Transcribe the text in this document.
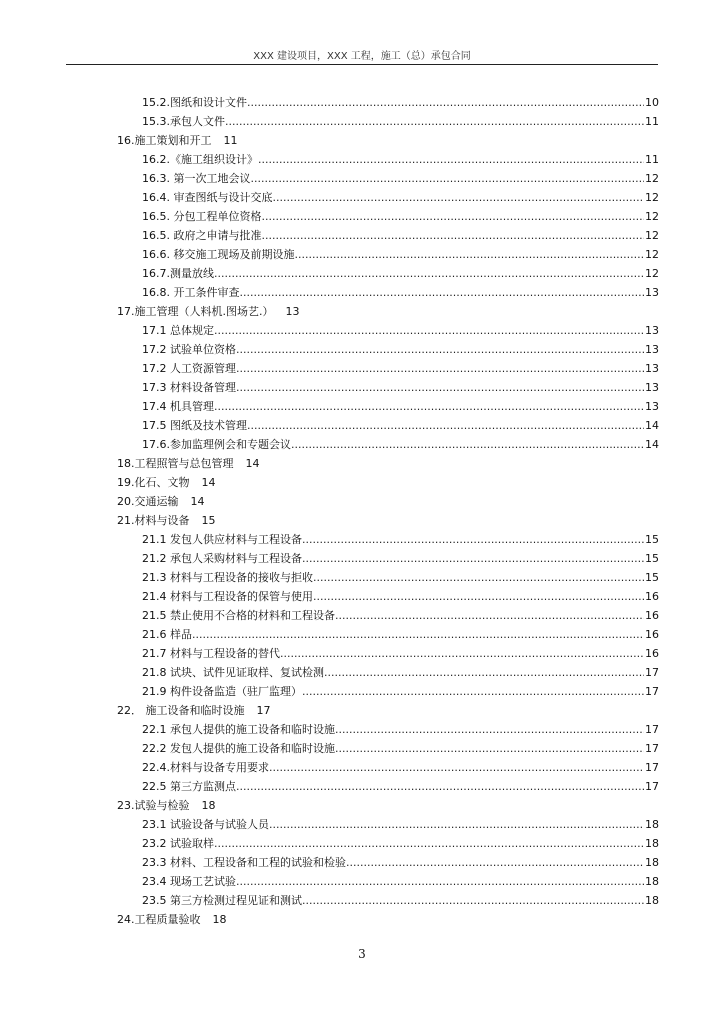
XXX 建设项目，XXX 工程，施工（总）承包合同
15.2.图纸和设计文件 .....	10
15.3.承包人文件 .....	11
16.施工策划和开工	11
16.2.《施工组织设计》 .....	11
16.3. 第一次工地会议 .....	12
16.4. 审查图纸与设计交底 .....	12
16.5. 分包工程单位资格 .....	12
16.5. 政府之申请与批准 .....	12
16.6. 移交施工现场及前期设施 .....	12
16.7.测量放线 .....	12
16.8. 开工条件审查 .....	13
17.施工管理（人料机.图场艺.）	13
17.1 总体规定 .....	13
17.2 试验单位资格 .....	13
17.2 人工资源管理 .....	13
17.3 材料设备管理 .....	13
17.4 机具管理 .....	13
17.5 图纸及技术管理 .....	14
17.6.参加监理例会和专题会议 .....	14
18.工程照管与总包管理	14
19.化石、文物	14
20.交通运输	14
21.材料与设备	15
21.1 发包人供应材料与工程设备 .....	15
21.2 承包人采购材料与工程设备 .....	15
21.3 材料与工程设备的接收与拒收 .....	15
21.4 材料与工程设备的保管与使用 .....	16
21.5 禁止使用不合格的材料和工程设备 .....	16
21.6 样品 .....	16
21.7 材料与工程设备的替代 .....	16
21.8 试块、试件见证取样、复试检测 .....	17
21.9 构件设备监造（驻厂监理） .....	17
22． 施工设备和临时设施	17
22.1 承包人提供的施工设备和临时设施 .....	17
22.2 发包人提供的施工设备和临时设施 .....	17
22.4.材料与设备专用要求 .....	17
22.5 第三方监测点 .....	17
23.试验与检验	18
23.1 试验设备与试验人员 .....	18
23.2 试验取样 .....	18
23.3 材料、工程设备和工程的试验和检验 .....	18
23.4 现场工艺试验 .....	18
23.5 第三方检测过程见证和测试 .....	18
24.工程质量验收	18
3
